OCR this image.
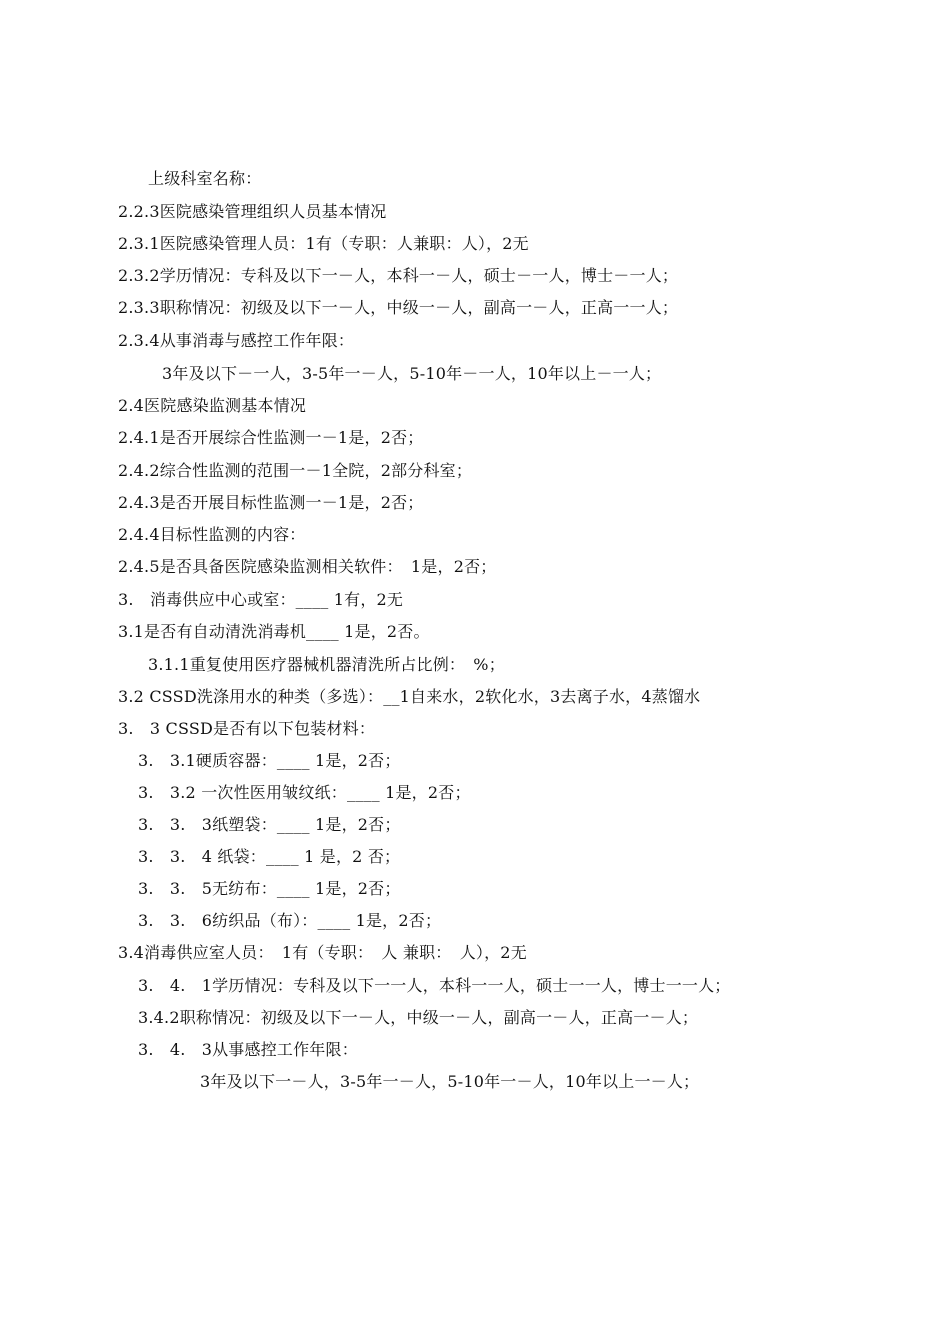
上级科室名称：
2.2.3医院感染管理组织人员基本情况
2.3.1医院感染管理人员：1有（专职：人兼职：人），2无
2.3.2学历情况：专科及以下一－人，本科一－人，硕士－一人，博士－一人；
2.3.3职称情况：初级及以下一－人，中级一－人，副高一－人，正高一一人；
2.3.4从事消毒与感控工作年限：
3年及以下－一人，3-5年一－人，5-10年－一人，10年以上－一人；
2.4医院感染监测基本情况
2.4.1是否开展综合性监测一－1是，2否；
2.4.2综合性监测的范围一－1全院，2部分科室；
2.4.3是否开展目标性监测一－1是，2否；
2.4.4目标性监测的内容：
2.4.5是否具备医院感染监测相关软件：　1是，2否；
3.　消毒供应中心或室：____ 1有，2无
3.1是否有自动清洗消毒机____ 1是，2否。
3.1.1重复使用医疗器械机器清洗所占比例：　%；
3.2 CSSD洗涤用水的种类（多选）：__1自来水，2软化水，3去离子水，4蒸馏水
3.　3 CSSD是否有以下包装材料：
3.　3.1硬质容器：____ 1是，2否；
3.　3.2 一次性医用皱纹纸：____ 1是，2否；
3.　3.　3纸塑袋：____ 1是，2否；
3.　3.　4 纸袋：____ 1 是，2 否；
3.　3.　5无纺布：____ 1是，2否；
3.　3.　6纺织品（布）：____ 1是，2否；
3.4消毒供应室人员：　1有（专职：　人 兼职：　人），2无
3.　4.　1学历情况：专科及以下一一人，本科一一人，硕士一一人，博士一一人；
3.4.2职称情况：初级及以下一－人，中级一－人，副高一－人，正高一－人；
3.　4.　3从事感控工作年限：
3年及以下一－人，3-5年一－人，5-10年一－人，10年以上一－人；
